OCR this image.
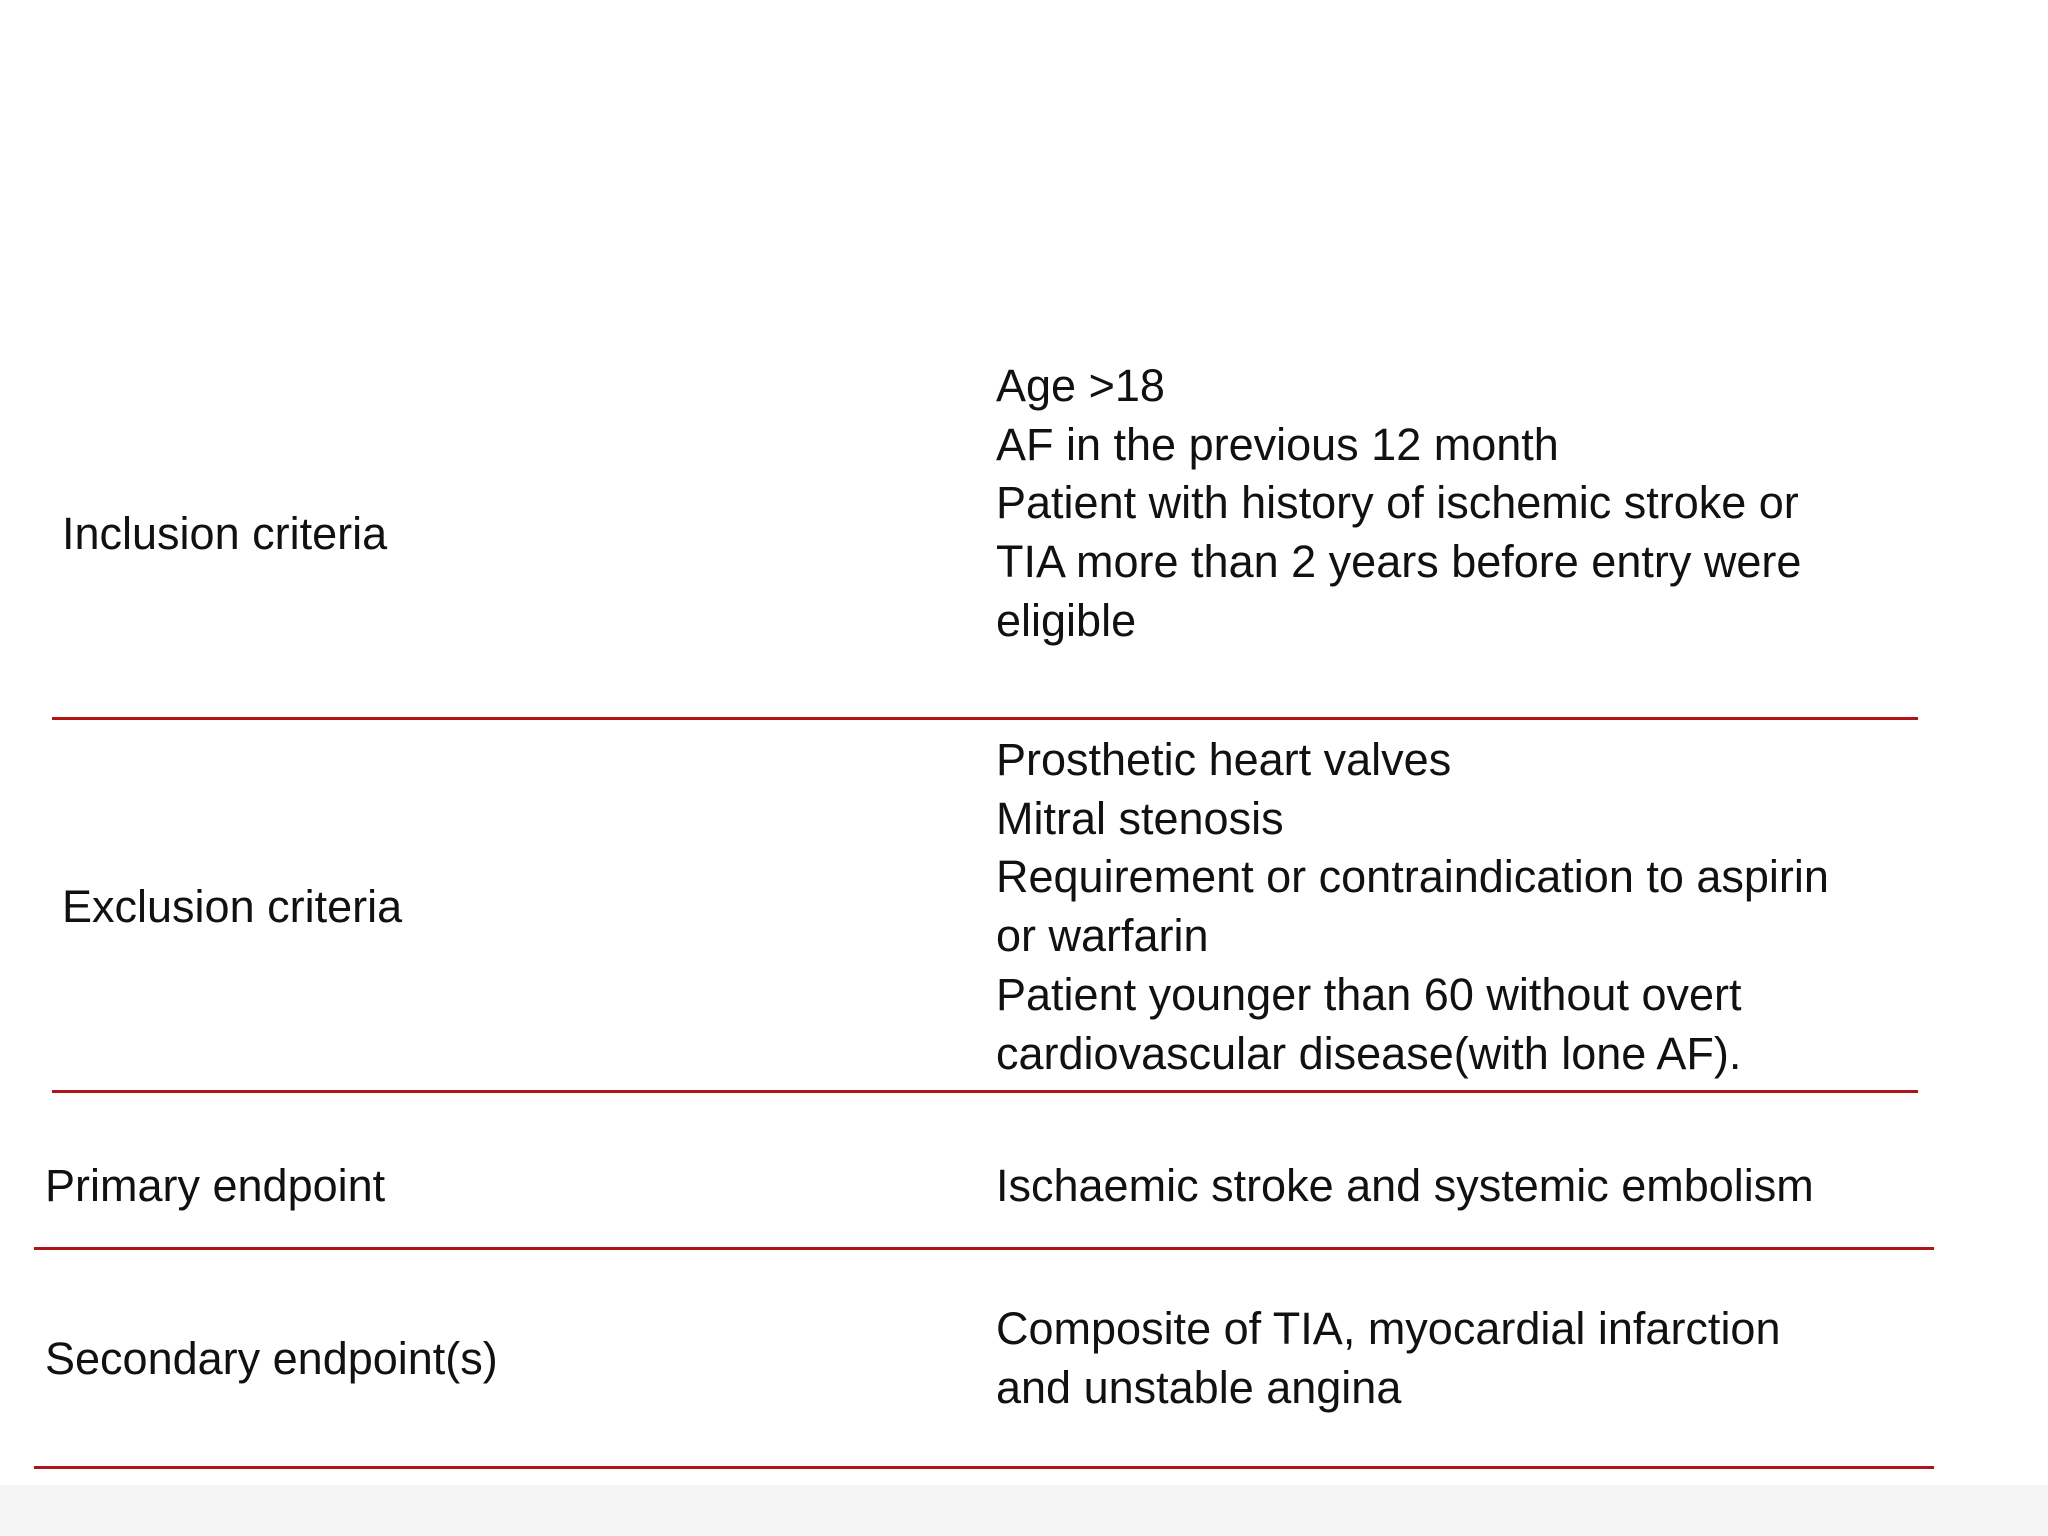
Inclusion criteria
Age >18
AF in the previous 12 month
Patient with history of ischemic stroke or
TIA more than 2 years before entry were
eligible
Exclusion criteria
Prosthetic heart valves
Mitral stenosis
Requirement or contraindication to aspirin
or warfarin
Patient younger than 60 without overt
cardiovascular disease(with lone AF).
Primary endpoint	Ischaemic stroke and systemic embolism
Secondary endpoint(s)
Composite of TIA, myocardial infarction
and unstable angina
